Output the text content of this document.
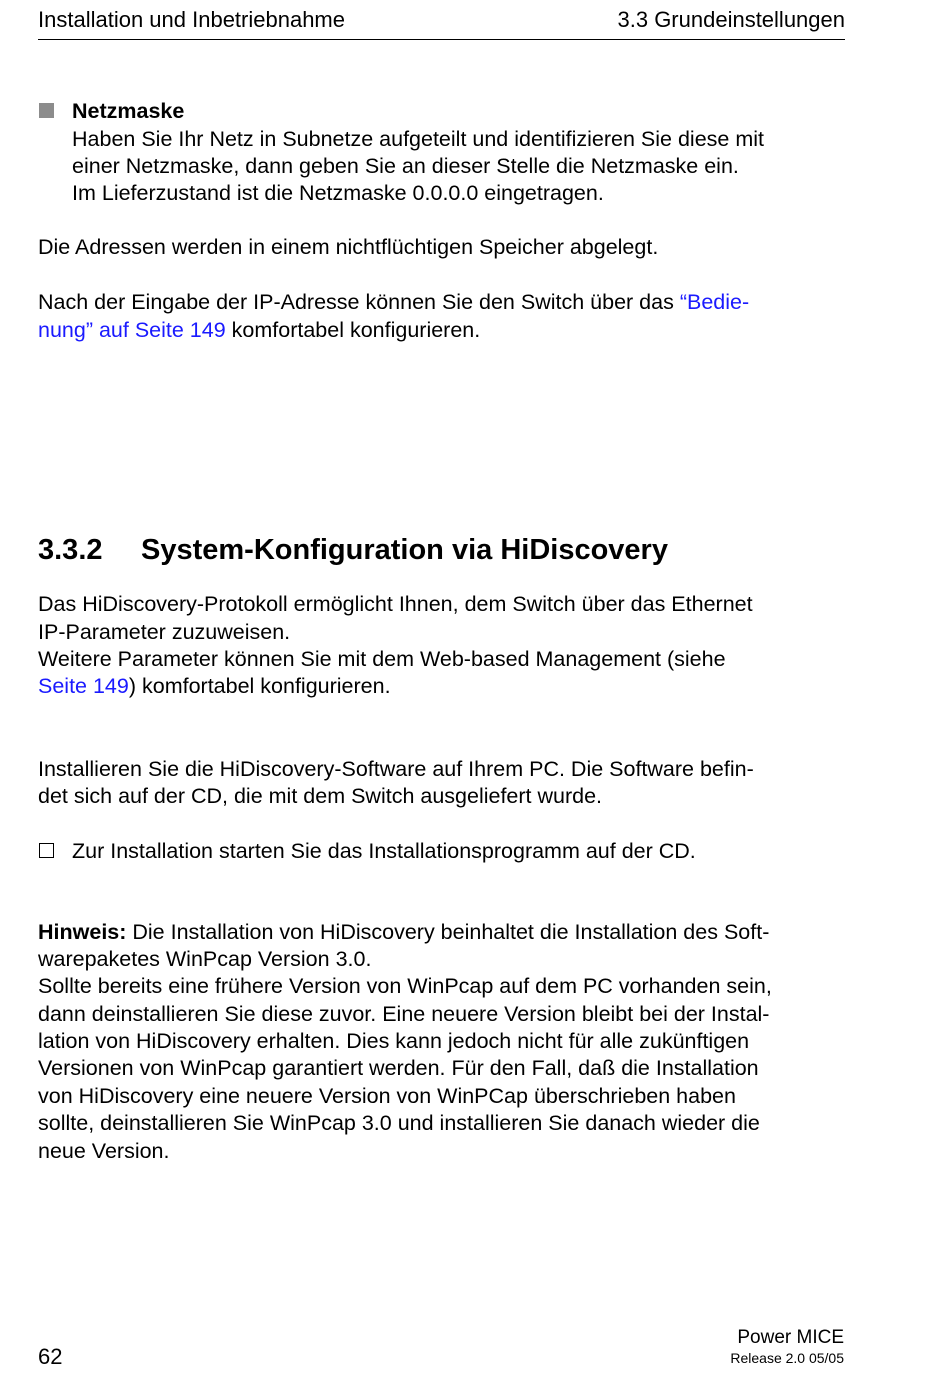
Installation und Inbetriebnahme	3.3 Grundeinstellungen
Netzmaske
Haben Sie Ihr Netz in Subnetze aufgeteilt und identifizieren Sie diese mit
einer Netzmaske, dann geben Sie an dieser Stelle die Netzmaske ein.
Im Lieferzustand ist die Netzmaske 0.0.0.0 eingetragen.
Die Adressen werden in einem nichtflüchtigen Speicher abgelegt.
Nach der Eingabe der IP-Adresse können Sie den Switch über das “Bedie-
nung” auf Seite 149 komfortabel konfigurieren.
3.3.2 System-Konfiguration via HiDiscovery
Das HiDiscovery-Protokoll ermöglicht Ihnen, dem Switch über das Ethernet
IP-Parameter zuzuweisen.
Weitere Parameter können Sie mit dem Web-based Management (siehe
Seite 149) komfortabel konfigurieren.
Installieren Sie die HiDiscovery-Software auf Ihrem PC. Die Software befin-
det sich auf der CD, die mit dem Switch ausgeliefert wurde.
Zur Installation starten Sie das Installationsprogramm auf der CD.
Hinweis: Die Installation von HiDiscovery beinhaltet die Installation des Soft-
warepaketes WinPcap Version 3.0.
Sollte bereits eine frühere Version von WinPcap auf dem PC vorhanden sein,
dann deinstallieren Sie diese zuvor. Eine neuere Version bleibt bei der Instal-
lation von HiDiscovery erhalten. Dies kann jedoch nicht für alle zukünftigen
Versionen von WinPcap garantiert werden. Für den Fall, daß die Installation
von HiDiscovery eine neuere Version von WinPCap überschrieben haben
sollte, deinstallieren Sie WinPcap 3.0 und installieren Sie danach wieder die
neue Version.
62
Power MICE
Release 2.0 05/05
